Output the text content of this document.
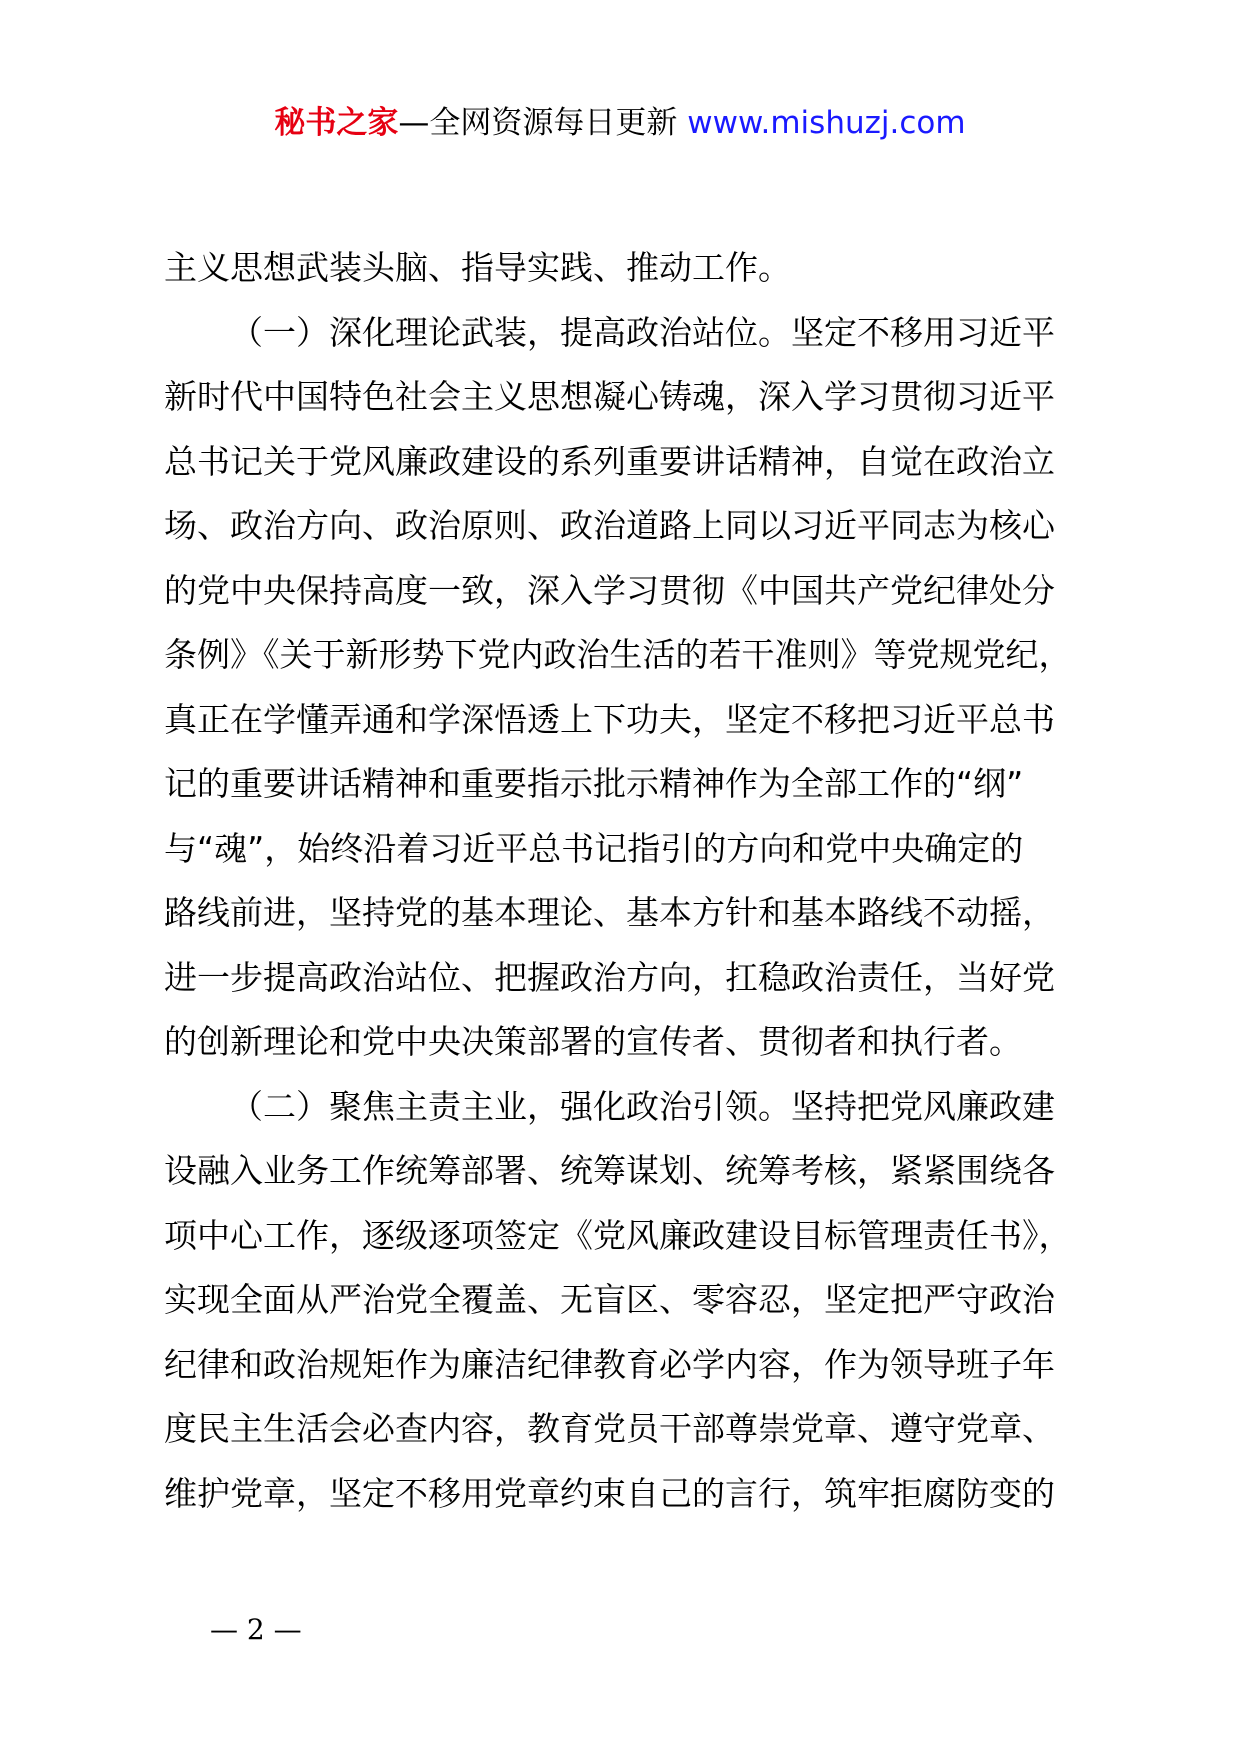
秘书之家—全网资源每日更新 www.mishuzj.com
主义思想武装头脑、指导实践、推动工作。
（一）深化理论武装，提高政治站位。坚定不移用习近平
新时代中国特色社会主义思想凝心铸魂，深入学习贯彻习近平
总书记关于党风廉政建设的系列重要讲话精神，自觉在政治立
场、政治方向、政治原则、政治道路上同以习近平同志为核心
的党中央保持高度一致，深入学习贯彻《中国共产党纪律处分
条例》《关于新形势下党内政治生活的若干准则》等党规党纪，
真正在学懂弄通和学深悟透上下功夫，坚定不移把习近平总书
记的重要讲话精神和重要指示批示精神作为全部工作的“纲”
与“魂”，始终沿着习近平总书记指引的方向和党中央确定的
路线前进，坚持党的基本理论、基本方针和基本路线不动摇，
进一步提高政治站位、把握政治方向，扛稳政治责任，当好党
的创新理论和党中央决策部署的宣传者、贯彻者和执行者。
（二）聚焦主责主业，强化政治引领。坚持把党风廉政建
设融入业务工作统筹部署、统筹谋划、统筹考核，紧紧围绕各
项中心工作，逐级逐项签定《党风廉政建设目标管理责任书》，
实现全面从严治党全覆盖、无盲区、零容忍，坚定把严守政治
纪律和政治规矩作为廉洁纪律教育必学内容，作为领导班子年
度民主生活会必查内容，教育党员干部尊崇党章、遵守党章、
维护党章，坚定不移用党章约束自己的言行，筑牢拒腐防变的
— 2 —
